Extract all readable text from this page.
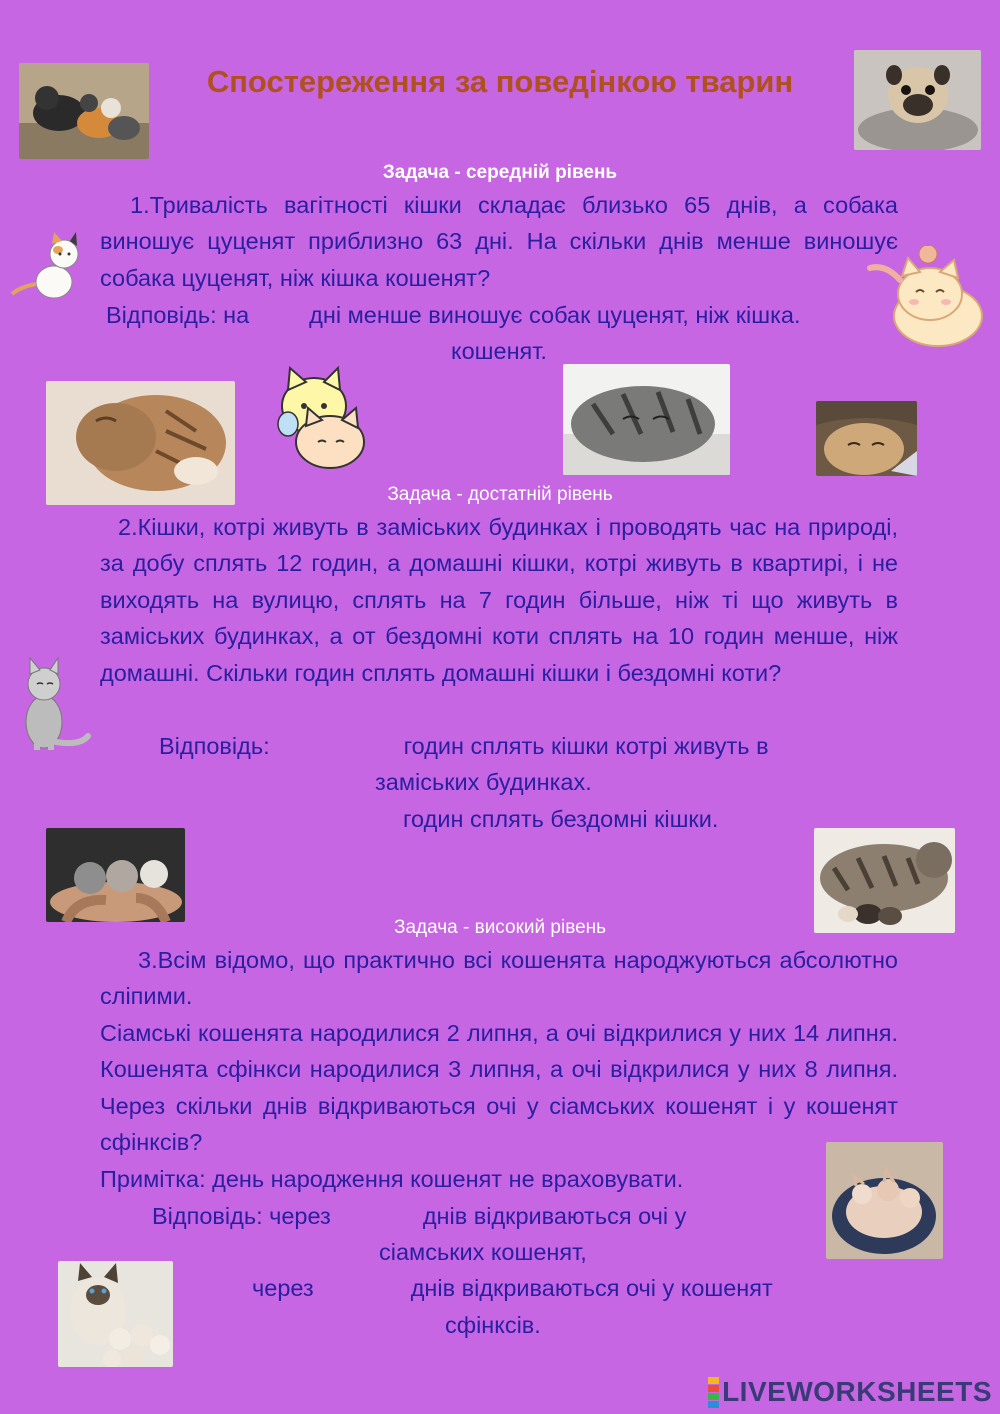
Спостереження за поведінкою тварин
Задача - середній рівень

1.Тривалість вагітності кішки складає близько 65 днів, а собака виношує цуценят приблизно 63 дні. На скільки днів менше виношує собака цуценят, ніж кішка кошенят?

Відповідь: на	дні менше виношує собак цуценят, ніж кішка.
кошенят.
Задача - достатній рівень

2.Кішки, котрі живуть в заміських будинках і проводять час на природі, за добу сплять 12 годин, а домашні кішки, котрі живуть в квартирі, і не виходять на вулицю, сплять на 7 годин більше, ніж ті що живуть в заміських будинках, а от бездомні коти сплять на 10 годин менше, ніж домашні. Скільки годин сплять домашні кішки і бездомні коти?

Відповідь:	годин сплять кішки котрі живуть в
заміських будинках.
годин сплять бездомні кішки.
Задача - високий рівень

3.Всім відомо, що практично всі кошенята народжуються абсолютно сліпими.

Сіамські кошенята народилися 2 липня, а очі відкрилися у них 14 липня. Кошенята сфінкси народилися 3 липня, а очі відкрилися у них 8 липня. Через скільки днів відкриваються очі у сіамських кошенят і у кошенят сфінксів?

Примітка: день народження кошенят не враховувати.
Відповідь: через	днів відкриваються очі у
сіамських кошенят,
через	днів відкриваються очі у кошенят
сфінксів.
LIVEWORKSHEETS
